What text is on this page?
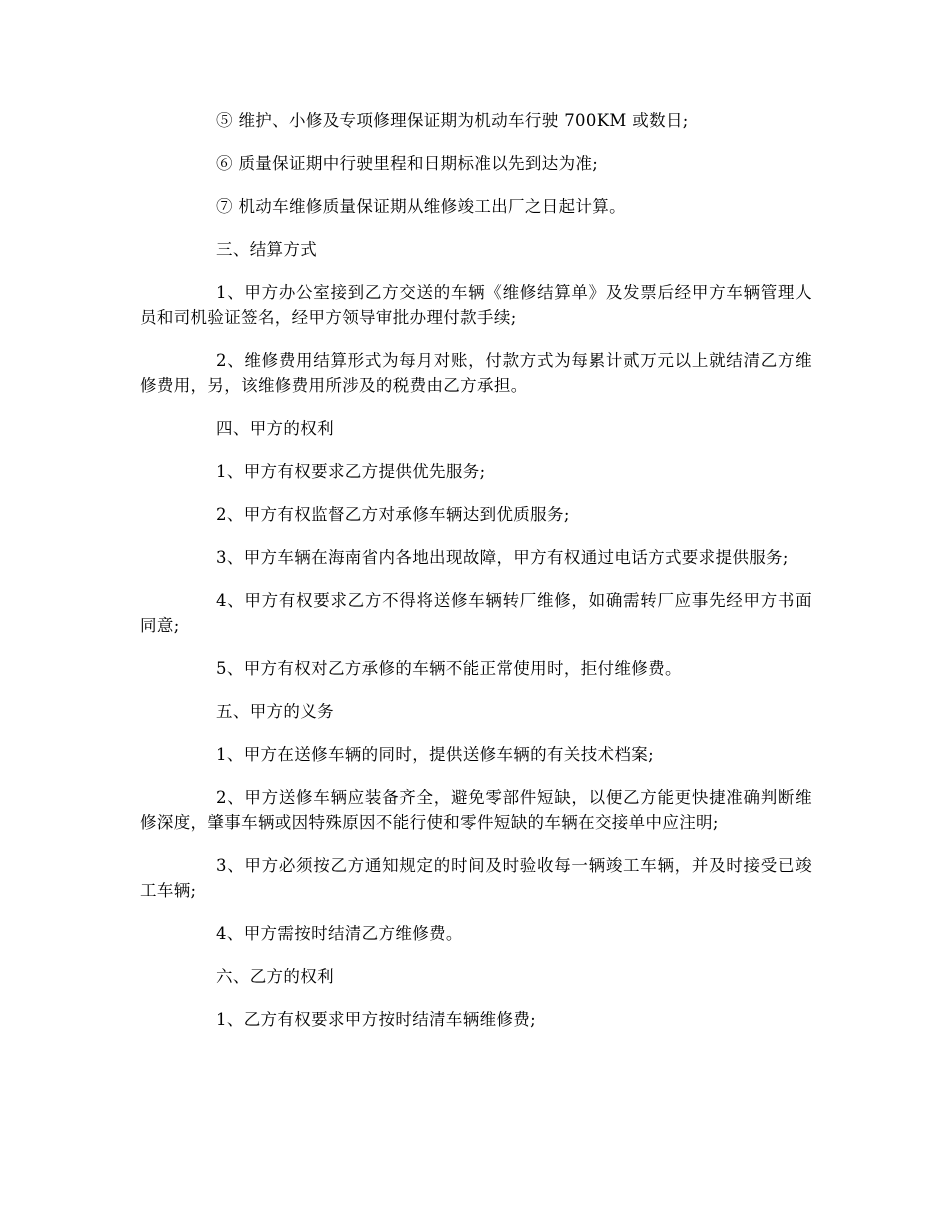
⑤ 维护、小修及专项修理保证期为机动车行驶 700KM 或数日;

⑥ 质量保证期中行驶里程和日期标准以先到达为准;

⑦ 机动车维修质量保证期从维修竣工出厂之日起计算。

三、结算方式

1、甲方办公室接到乙方交送的车辆《维修结算单》及发票后经甲方车辆管理人员和司机验证签名，经甲方领导审批办理付款手续;

2、维修费用结算形式为每月对账，付款方式为每累计贰万元以上就结清乙方维修费用，另，该维修费用所涉及的税费由乙方承担。

四、甲方的权利

1、甲方有权要求乙方提供优先服务;

2、甲方有权监督乙方对承修车辆达到优质服务;

3、甲方车辆在海南省内各地出现故障，甲方有权通过电话方式要求提供服务;

4、甲方有权要求乙方不得将送修车辆转厂维修，如确需转厂应事先经甲方书面同意;

5、甲方有权对乙方承修的车辆不能正常使用时，拒付维修费。

五、甲方的义务

1、甲方在送修车辆的同时，提供送修车辆的有关技术档案;

2、甲方送修车辆应装备齐全，避免零部件短缺，以便乙方能更快捷准确判断维修深度，肇事车辆或因特殊原因不能行使和零件短缺的车辆在交接单中应注明;

3、甲方必须按乙方通知规定的时间及时验收每一辆竣工车辆，并及时接受已竣工车辆;

4、甲方需按时结清乙方维修费。

六、乙方的权利

1、乙方有权要求甲方按时结清车辆维修费;
